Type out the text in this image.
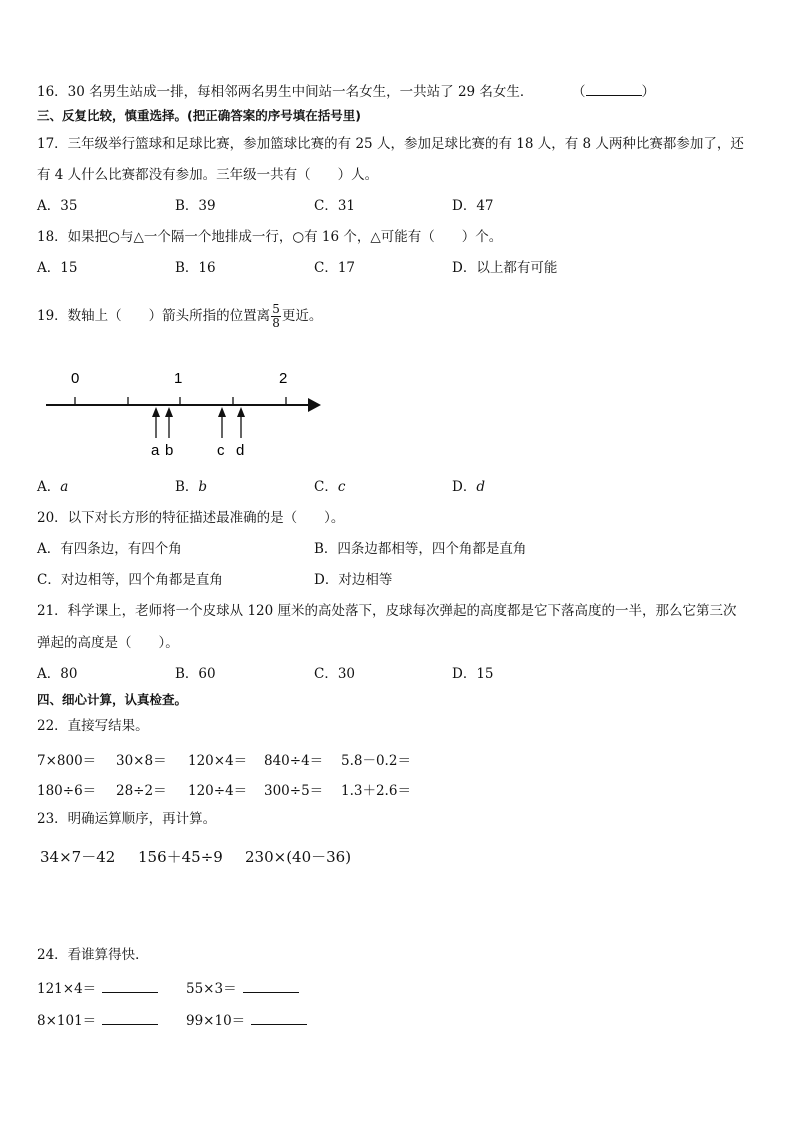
16．30 名男生站成一排，每相邻两名男生中间站一名女生，一共站了 29 名女生．	（	）
三、反复比较，慎重选择。(把正确答案的序号填在括号里)
17．三年级举行篮球和足球比赛，参加篮球比赛的有 25 人，参加足球比赛的有 18 人，有 8 人两种比赛都参加了，还
有 4 人什么比赛都没有参加。三年级一共有（　　）人。
A．35	B．39	C．31	D．47
18．如果把○与△一个隔一个地排成一行，○有 16 个，△可能有（　　）个。
A．15	B．16	C．17	D．以上都有可能
19．数轴上（　　）箭头所指的位置离 $\frac{5}{8}$ 更近。
0	1	2
a b	c d
A．a	B．b	C．c	D．d
20．以下对长方形的特征描述最准确的是（　　）。
A．有四条边，有四个角	B．四条边都相等，四个角都是直角
C．对边相等，四个角都是直角	D．对边相等
21．科学课上，老师将一个皮球从 120 厘米的高处落下，皮球每次弹起的高度都是它下落高度的一半，那么它第三次
弹起的高度是（　　）。
A．80	B．60	C．30	D．15
四、细心计算，认真检查。
22．直接写结果。
7×800＝ 30×8＝ 120×4＝ 840÷4＝ 5.8－0.2＝
180÷6＝ 28÷2＝ 120÷4＝ 300÷5＝ 1.3＋2.6＝
23．明确运算顺序，再计算。
34×7－42 156＋45÷9 230×(40－36)
24．看谁算得快．
121×4＝	55×3＝
8×101＝	99×10＝
